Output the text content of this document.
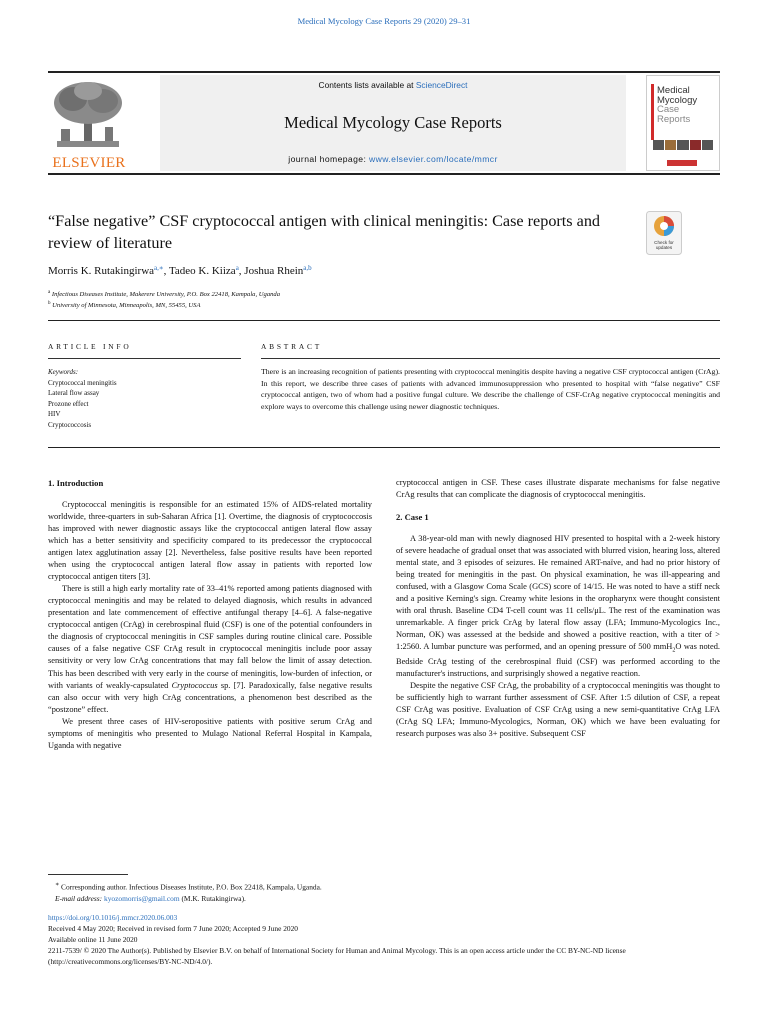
Medical Mycology Case Reports 29 (2020) 29–31
ELSEVIER
Contents lists available at ScienceDirect
Medical Mycology Case Reports
journal homepage: www.elsevier.com/locate/mmcr
Medical
Mycology
Case
Reports
“False negative” CSF cryptococcal antigen with clinical meningitis: Case reports and review of literature	Check for updates
Morris K. Rutakingirwa$^{a,∗}$, Tadeo K. Kiiza$^a$, Joshua Rhein$^{a,b}$
$^a$ Infectious Diseases Institute, Makerere University, P.O. Box 22418, Kampala, Uganda
$^b$ University of Minnesota, Minneapolis, MN, 55455, USA
ARTICLE INFO	ABSTRACT
Keywords:
Cryptococcal meningitis
Lateral flow assay
Prozone effect
HIV
Cryptococcosis
There is an increasing recognition of patients presenting with cryptococcal meningitis despite having a negative CSF cryptococcal antigen (CrAg). In this report, we describe three cases of patients with advanced immunosuppression who presented to hospital with “false negative” CSF cryptococcal antigen, two of whom had a positive fungal culture. We describe the challenge of CSF-CrAg negative cryptococcal meningitis and explore ways to overcome this challenge using newer diagnostic techniques.
1. Introduction

Cryptococcal meningitis is responsible for an estimated 15% of AIDS-related mortality worldwide, three-quarters in sub-Saharan Africa [1]. Overtime, the diagnosis of cryptococcosis has improved with newer diagnostic assays like the cryptococcal antigen lateral flow assay which has a better sensitivity and specificity compared to its predecessor the cryptococcal antigen latex agglutination assay [2]. Nevertheless, false positive results have been reported when using the cryptococcal antigen lateral flow assay in patients with reported low cryptococcal antigen titers [3].

There is still a high early mortality rate of 33–41% reported among patients diagnosed with cryptococcal meningitis and may be related to delayed diagnosis, which results in advanced presentation and late commencement of effective antifungal therapy [4–6]. A false-negative cryptococcal antigen (CrAg) in cerebrospinal fluid (CSF) is one of the potential confounders in the diagnosis of cryptococcal meningitis in CSF samples during routine clinical care. Possible causes of a false negative CSF CrAg result in cryptococcal meningitis include poor assay sensitivity or very low CrAg concentrations that may fall below the limit of assay detection. This has been described with very early in the course of meningitis, low-burden of infection, or with variants of weakly-capsulated Cryptococcus sp. [7]. Paradoxically, false negative results can also occur with very high CrAg concentrations, a phenomenon best described as the “postzone” effect.

We present three cases of HIV-seropositive patients with positive serum CrAg and symptoms of meningitis who presented to Mulago National Referral Hospital in Kampala, Uganda with negative

cryptococcal antigen in CSF. These cases illustrate disparate mechanisms for false negative CrAg results that can complicate the diagnosis of cryptococcal meningitis.

2. Case 1

A 38-year-old man with newly diagnosed HIV presented to hospital with a 2-week history of severe headache of gradual onset that was associated with blurred vision, hearing loss, altered mental state, and 3 episodes of seizures. He remained ART-naïve, and had no prior history of being treated for meningitis in the past. On physical examination, he was ill-appearing and confused, with a Glasgow Coma Scale (GCS) score of 14/15. He was noted to have a stiff neck and a positive Kerning's sign. Creamy white lesions in the oropharynx were thought consistent with oral thrush. Baseline CD4 T-cell count was 11 cells/μL. The rest of the examination was unremarkable. A finger prick CrAg by lateral flow assay (LFA; Immuno-Mycologics Inc., Norman, OK) was assessed at the bedside and showed a positive reaction, with a titer of > 1:2560. A lumbar puncture was performed, and an opening pressure of 500 mmH$_2$O was noted. Bedside CrAg testing of the cerebrospinal fluid (CSF) was performed according to the manufacturer's instructions, and surprisingly showed a negative reaction.

Despite the negative CSF CrAg, the probability of a cryptococcal meningitis was thought to be sufficiently high to warrant further assessment of CSF. After 1:5 dilution of CSF, a repeat CSF CrAg was positive. Evaluation of CSF CrAg using a new semi-quantitative CrAg LFA (CrAg SQ LFA; Immuno-Mycologics, Norman, OK) which we have been evaluating for research purposes was also 3+ positive. Subsequent CSF

∗ Corresponding author. Infectious Diseases Institute, P.O. Box 22418, Kampala, Uganda.
E-mail address: kyozomorris@gmail.com (M.K. Rutakingirwa).
https://doi.org/10.1016/j.mmcr.2020.06.003
Received 4 May 2020; Received in revised form 7 June 2020; Accepted 9 June 2020
Available online 11 June 2020
2211-7539/ © 2020 The Author(s). Published by Elsevier B.V. on behalf of International Society for Human and Animal Mycology. This is an open access article under the CC BY-NC-ND license (http://creativecommons.org/licenses/BY-NC-ND/4.0/).
